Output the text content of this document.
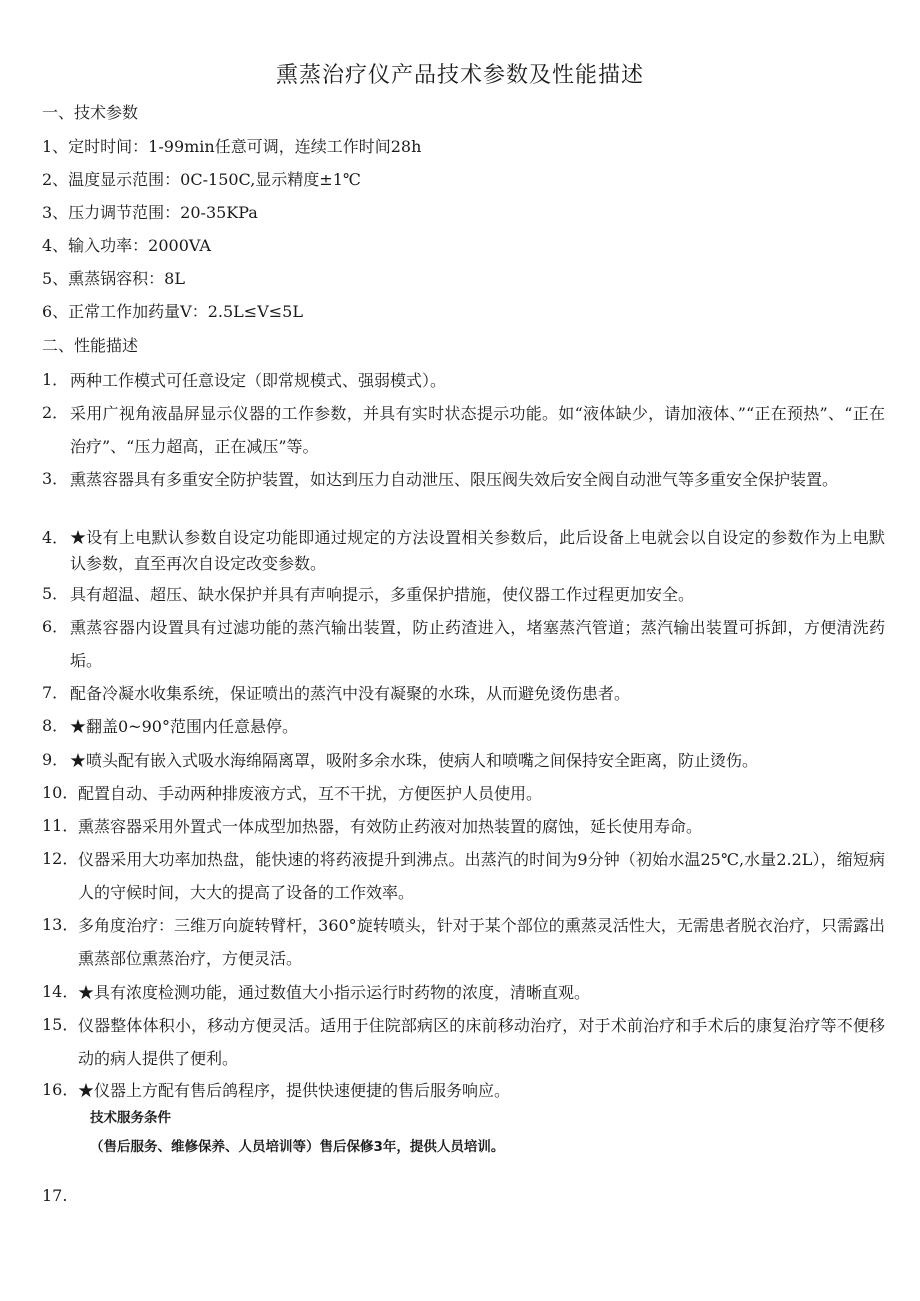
熏蒸治疗仪产品技术参数及性能描述
一、技术参数
1、定时时间：1-99min任意可调，连续工作时间28h
2、温度显示范围：0C-150C,显示精度±1℃
3、压力调节范围：20-35KPa
4、输入功率：2000VA
5、熏蒸锅容积：8L
6、正常工作加药量V：2.5L≤V≤5L
二、性能描述
1． 两种工作模式可任意设定（即常规模式、强弱模式）。
2． 采用广视角液晶屏显示仪器的工作参数，并具有实时状态提示功能。如“液体缺少，请加液体、”“正在预热”、“正在治疗”、“压力超高，正在减压”等。
3． 熏蒸容器具有多重安全防护装置，如达到压力自动泄压、限压阀失效后安全阀自动泄气等多重安全保护装置。
4． ★设有上电默认参数自设定功能即通过规定的方法设置相关参数后，此后设备上电就会以自设定的参数作为上电默认参数，直至再次自设定改变参数。
5． 具有超温、超压、缺水保护并具有声响提示，多重保护措施，使仪器工作过程更加安全。
6． 熏蒸容器内设置具有过滤功能的蒸汽输出装置，防止药渣进入，堵塞蒸汽管道；蒸汽输出装置可拆卸，方便清洗药垢。
7． 配备冷凝水收集系统，保证喷出的蒸汽中没有凝聚的水珠，从而避免烫伤患者。
8． ★翻盖0~90°范围内任意悬停。
9． ★喷头配有嵌入式吸水海绵隔离罩，吸附多余水珠，使病人和喷嘴之间保持安全距离，防止烫伤。
10． 配置自动、手动两种排废液方式，互不干扰，方便医护人员使用。
11． 熏蒸容器采用外置式一体成型加热器，有效防止药液对加热装置的腐蚀，延长使用寿命。
12． 仪器采用大功率加热盘，能快速的将药液提升到沸点。出蒸汽的时间为9分钟（初始水温25℃,水量2.2L），缩短病人的守候时间，大大的提高了设备的工作效率。
13． 多角度治疗：三维万向旋转臂杆，360°旋转喷头，针对于某个部位的熏蒸灵活性大，无需患者脱衣治疗，只需露出熏蒸部位熏蒸治疗，方便灵活。
14． ★具有浓度检测功能，通过数值大小指示运行时药物的浓度，清晰直观。
15． 仪器整体体积小，移动方便灵活。适用于住院部病区的床前移动治疗，对于术前治疗和手术后的康复治疗等不便移动的病人提供了便利。
16． ★仪器上方配有售后鸽程序，提供快速便捷的售后服务响应。
技术服务条件
（售后服务、维修保养、人员培训等）售后保修3年，提供人员培训。
17.
